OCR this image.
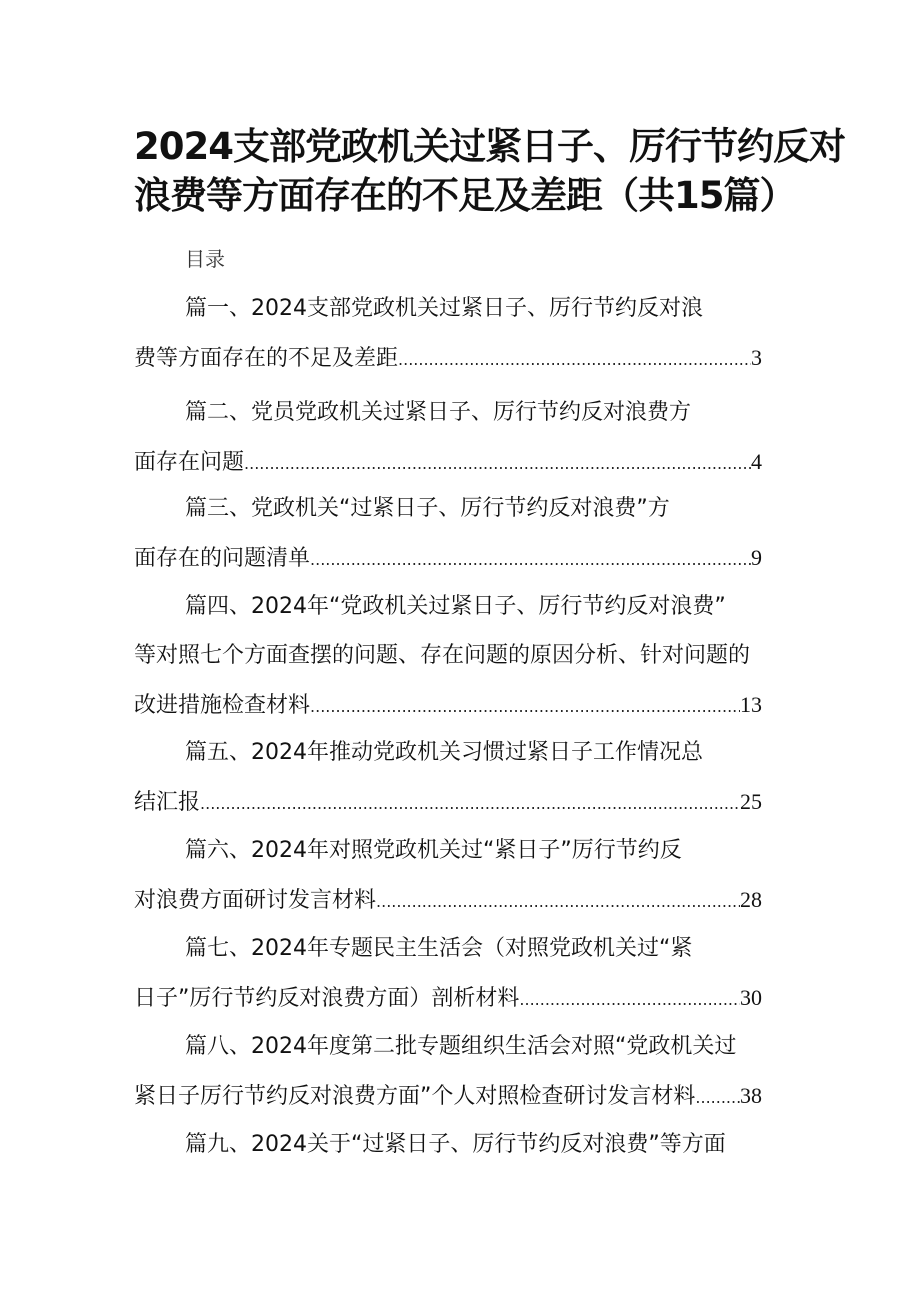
2024支部党政机关过紧日子、厉行节约反对
浪费等方面存在的不足及差距（共15篇）
目录
篇一、2024支部党政机关过紧日子、厉行节约反对浪
费等方面存在的不足及差距 .....	3
篇二、党员党政机关过紧日子、厉行节约反对浪费方
面存在问题 .....	4
篇三、党政机关“过紧日子、厉行节约反对浪费”方
面存在的问题清单 .....	9
篇四、2024年“党政机关过紧日子、厉行节约反对浪费”
等对照七个方面查摆的问题、存在问题的原因分析、针对问题的
改进措施检查材料 .....	13
篇五、2024年推动党政机关习惯过紧日子工作情况总
结汇报 .....	25
篇六、2024年对照党政机关过“紧日子”厉行节约反
对浪费方面研讨发言材料 .....	28
篇七、2024年专题民主生活会（对照党政机关过“紧
日子”厉行节约反对浪费方面）剖析材料 .....	30
篇八、2024年度第二批专题组织生活会对照“党政机关过
紧日子厉行节约反对浪费方面”个人对照检查研讨发言材料 ..... 38
篇九、2024关于“过紧日子、厉行节约反对浪费”等方面
